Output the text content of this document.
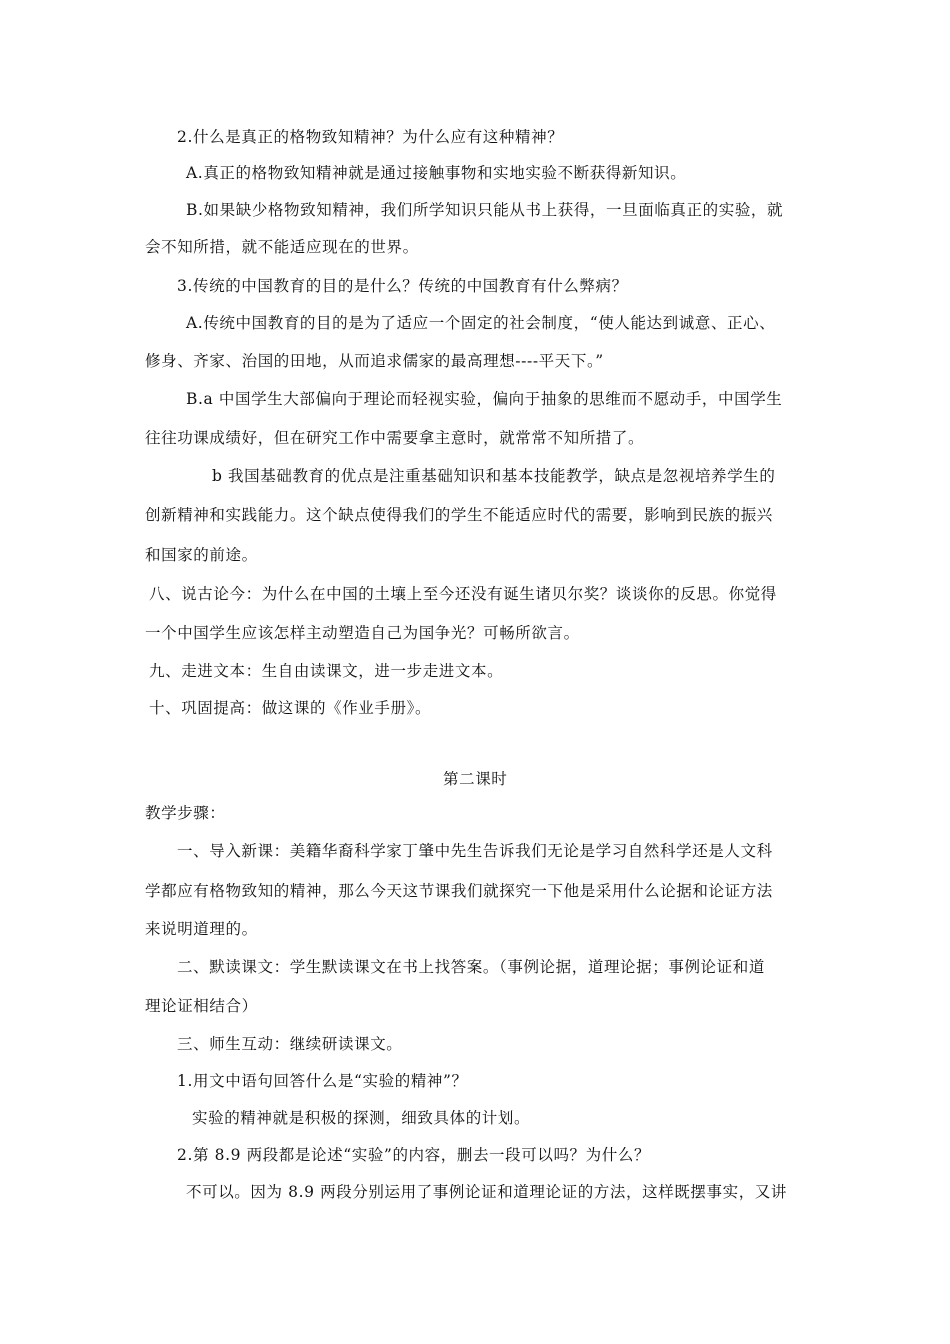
2.什么是真正的格物致知精神？为什么应有这种精神？
A.真正的格物致知精神就是通过接触事物和实地实验不断获得新知识。
B.如果缺少格物致知精神，我们所学知识只能从书上获得，一旦面临真正的实验，就
会不知所措，就不能适应现在的世界。
3.传统的中国教育的目的是什么？传统的中国教育有什么弊病？
A.传统中国教育的目的是为了适应一个固定的社会制度，“使人能达到诚意、正心、
修身、齐家、治国的田地，从而追求儒家的最高理想----平天下。”
B.a 中国学生大部偏向于理论而轻视实验，偏向于抽象的思维而不愿动手，中国学生
往往功课成绩好，但在研究工作中需要拿主意时，就常常不知所措了。
b 我国基础教育的优点是注重基础知识和基本技能教学，缺点是忽视培养学生的
创新精神和实践能力。这个缺点使得我们的学生不能适应时代的需要，影响到民族的振兴
和国家的前途。
八、说古论今：为什么在中国的土壤上至今还没有诞生诸贝尔奖？谈谈你的反思。你觉得
一个中国学生应该怎样主动塑造自己为国争光？可畅所欲言。
九、走进文本：生自由读课文，进一步走进文本。
十、巩固提高：做这课的《作业手册》。
第二课时
教学步骤：
一、导入新课：美籍华裔科学家丁肇中先生告诉我们无论是学习自然科学还是人文科
学都应有格物致知的精神，那么今天这节课我们就探究一下他是采用什么论据和论证方法
来说明道理的。
二、默读课文：学生默读课文在书上找答案。（事例论据，道理论据；事例论证和道
理论证相结合）
三、师生互动：继续研读课文。
1.用文中语句回答什么是“实验的精神”？
实验的精神就是积极的探测，细致具体的计划。
2.第 8.9 两段都是论述“实验”的内容，删去一段可以吗？为什么？
不可以。因为 8.9 两段分别运用了事例论证和道理论证的方法，这样既摆事实，又讲
